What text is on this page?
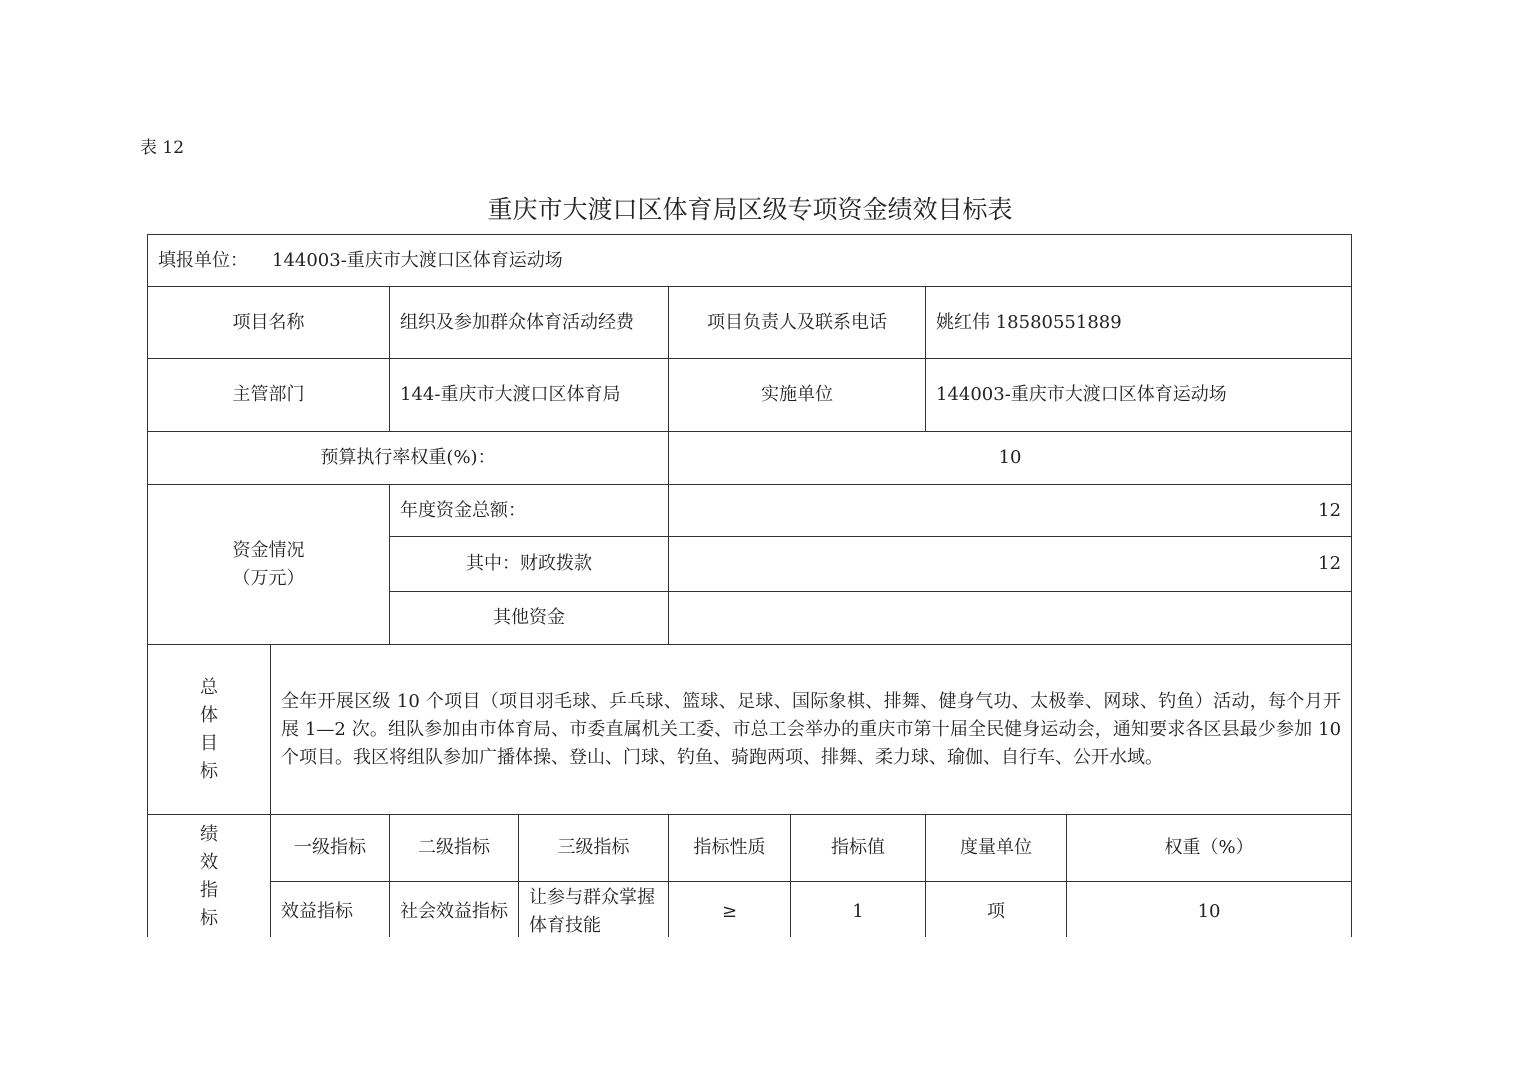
表 12
重庆市大渡口区体育局区级专项资金绩效目标表
填报单位： 144003-重庆市大渡口区体育运动场							
项目名称		组织及参加群众体育活动经费		项目负责人及联系电话		姚红伟 18580551889	
主管部门		144-重庆市大渡口区体育局		实施单位		144003-重庆市大渡口区体育运动场	
预算执行率权重(%)：				10			

资金情况
（万元）		年度资金总额：		12			
		其中：财政拨款		12			
		其他资金					

总
体
目
标	全年开展区级 10 个项目（项目羽毛球、乒乓球、篮球、足球、国际象棋、排舞、健身气功、太极拳、网球、钓鱼）活动，每个月开展 1—2 次。组队参加由市体育局、市委直属机关工委、市总工会举办的重庆市第十届全民健身运动会，通知要求各区县最少参加 10 个项目。我区将组队参加广播体操、登山、门球、钓鱼、骑跑两项、排舞、柔力球、瑜伽、自行车、公开水域。						

绩
效
指
标	一级指标	二级指标	三级指标	指标性质	指标值	度量单位	权重（%）
	效益指标	社会效益指标	让参与群众掌握体育技能	≥	1	项	10
